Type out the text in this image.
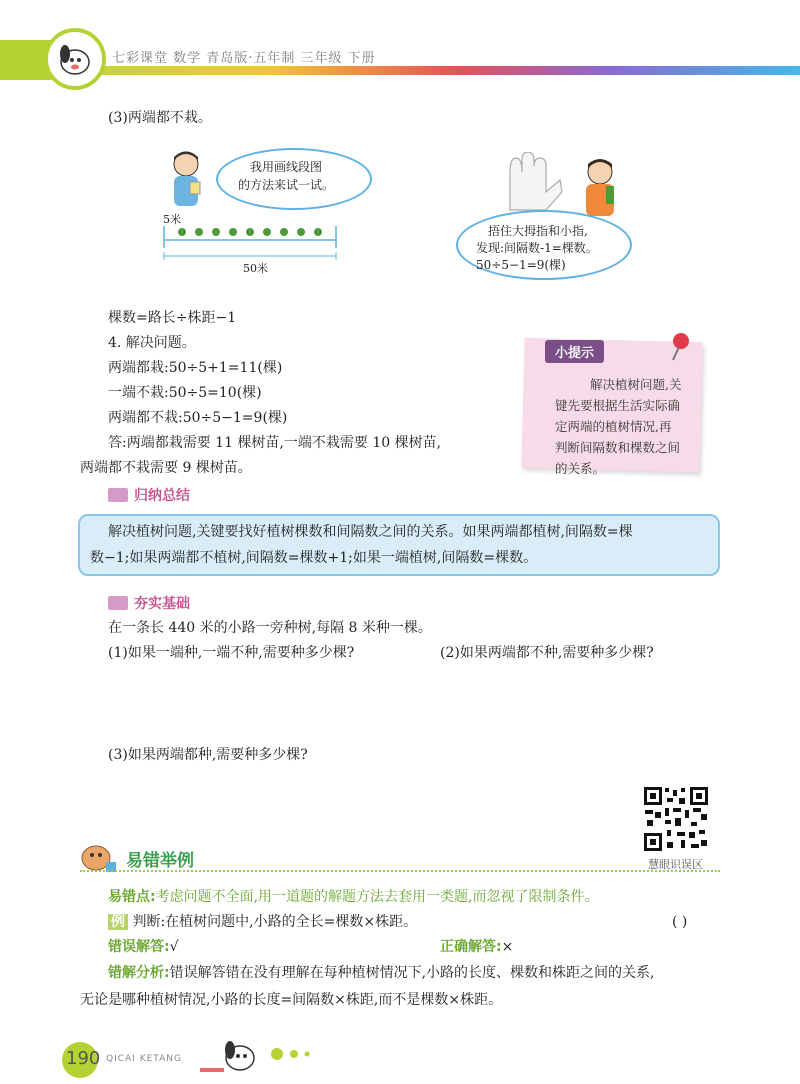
七彩课堂 数学 青岛版·五年制 三年级 下册
(3)两端都不栽。
我用画线段图
的方法来试一试。
5米
50米
捂住大拇指和小指,
发现:间隔数-1=棵数。
50÷5−1=9(棵)
棵数=路长÷株距−1
4. 解决问题。
两端都栽:50÷5+1=11(棵)
一端不栽:50÷5=10(棵)
两端都不栽:50÷5−1=9(棵)
答:两端都栽需要 11 棵树苗,一端不栽需要 10 棵树苗,
两端都不栽需要 9 棵树苗。
小提示
解决植树问题,关
键先要根据生活实际确
定两端的植树情况,再
判断间隔数和棵数之间
的关系。
归纳总结
解决植树问题,关键要找好植树棵数和间隔数之间的关系。如果两端都植树,间隔数=棵
数−1;如果两端都不植树,间隔数=棵数+1;如果一端植树,间隔数=棵数。
夯实基础
在一条长 440 米的小路一旁种树,每隔 8 米种一棵。
(1)如果一端种,一端不种,需要种多少棵?	(2)如果两端都不种,需要种多少棵?
(3)如果两端都种,需要种多少棵?
慧眼识误区
易错举例
易错点:考虑问题不全面,用一道题的解题方法去套用一类题,而忽视了限制条件。
例 判断:在植树问题中,小路的全长=棵数×株距。	( )
错误解答:√	正确解答:×
错解分析:错误解答错在没有理解在每种植树情况下,小路的长度、棵数和株距之间的关系,
无论是哪种植树情况,小路的长度=间隔数×株距,而不是棵数×株距。
190 QICAI KETANG
